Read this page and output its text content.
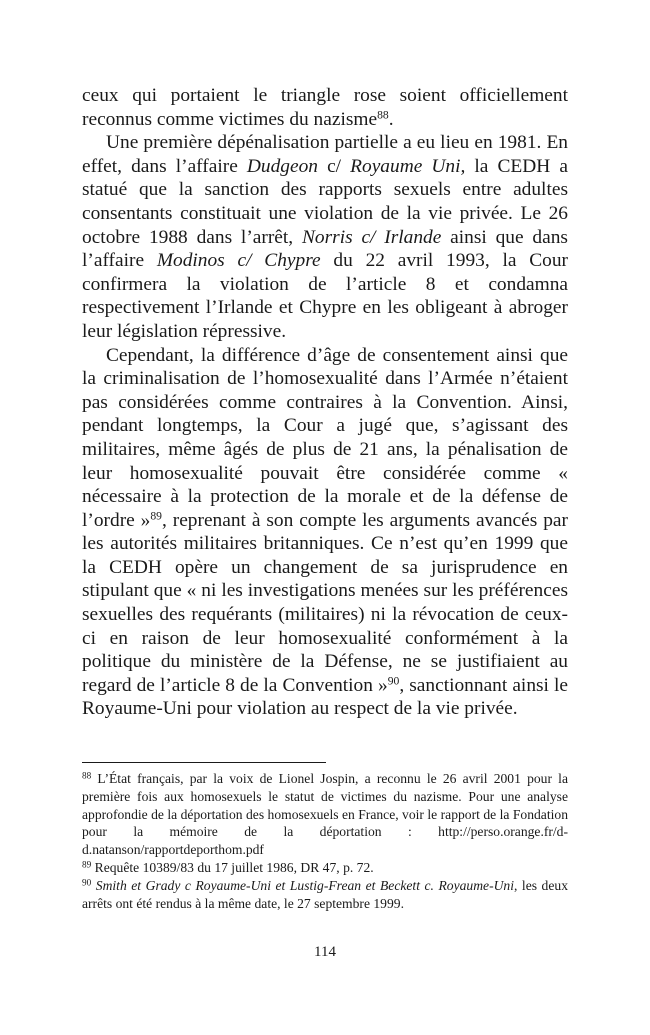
ceux qui portaient le triangle rose soient officiellement reconnus comme victimes du nazisme$^{88}$.

Une première dépénalisation partielle a eu lieu en 1981. En effet, dans l’affaire Dudgeon c/ Royaume Uni, la CEDH a statué que la sanction des rapports sexuels entre adultes consentants constituait une violation de la vie privée. Le 26 octobre 1988 dans l’arrêt, Norris c/ Irlande ainsi que dans l’affaire Modinos c/ Chypre du 22 avril 1993, la Cour confirmera la violation de l’article 8 et condamna respectivement l’Irlande et Chypre en les obligeant à abroger leur législation répressive.

Cependant, la différence d’âge de consentement ainsi que la criminalisation de l’homosexualité dans l’Armée n’étaient pas considérées comme contraires à la Convention. Ainsi, pendant longtemps, la Cour a jugé que, s’agissant des militaires, même âgés de plus de 21 ans, la pénalisation de leur homosexualité pouvait être considérée comme « nécessaire à la protection de la morale et de la défense de l’ordre »$^{89}$, reprenant à son compte les arguments avancés par les autorités militaires britanniques. Ce n’est qu’en 1999 que la CEDH opère un changement de sa jurisprudence en stipulant que « ni les investigations menées sur les préférences sexuelles des requérants (militaires) ni la révocation de ceux-ci en raison de leur homosexualité conformément à la politique du ministère de la Défense, ne se justifiaient au regard de l’article 8 de la Convention »$^{90}$, sanctionnant ainsi le Royaume-Uni pour violation au respect de la vie privée.

$^{88}$ L’État français, par la voix de Lionel Jospin, a reconnu le 26 avril 2001 pour la première fois aux homosexuels le statut de victimes du nazisme. Pour une analyse approfondie de la déportation des homosexuels en France, voir le rapport de la Fondation pour la mémoire de la déportation : http://perso.orange.fr/d-d.natanson/rapportdeporthom.pdf

$^{89}$ Requête 10389/83 du 17 juillet 1986, DR 47, p. 72.

$^{90}$ Smith et Grady c Royaume-Uni et Lustig-Frean et Beckett c. Royaume-Uni, les deux arrêts ont été rendus à la même date, le 27 septembre 1999.

114
